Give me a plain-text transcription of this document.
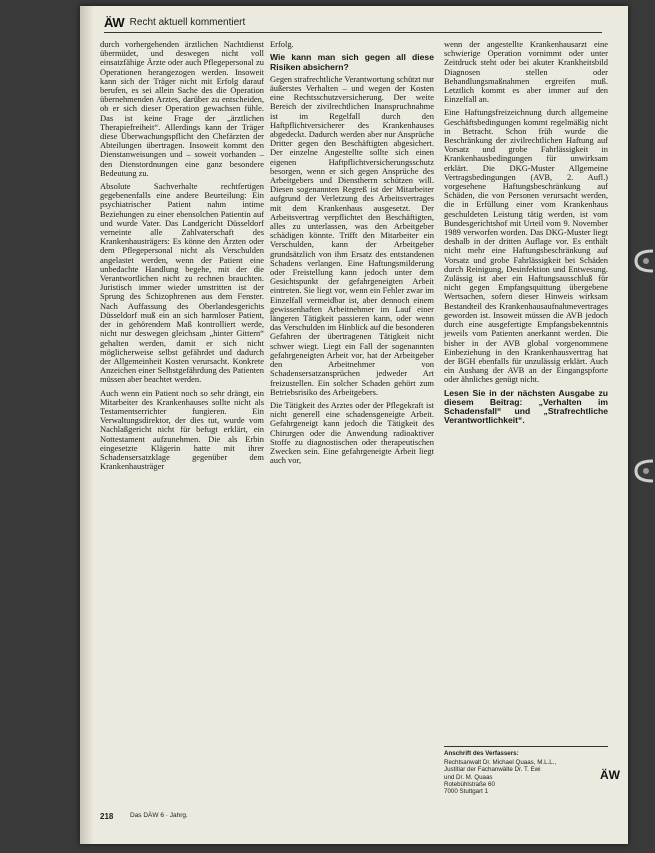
ÄW Recht aktuell kommentiert

durch vorhergehenden ärztlichen Nachtdienst übermüdet, und deswegen nicht voll einsatzfähige Ärzte oder auch Pflegepersonal zu Operationen herangezogen werden. Insoweit kann sich der Träger nicht mit Erfolg darauf berufen, es sei allein Sache des die Operation übernehmenden Arztes, darüber zu entscheiden, ob er sich dieser Operation gewachsen fühle. Das ist keine Frage der „ärztlichen Therapiefreiheit“. Allerdings kann der Träger diese Überwachungspflicht den Chefärzten der Abteilungen übertragen. Insoweit kommt den Dienstanweisungen und – soweit vorhanden – den Dienstordnungen eine ganz besondere Bedeutung zu.

Absolute Sachverhalte rechtfertigen gegebenenfalls eine andere Beurteilung: Ein psychiatrischer Patient nahm intime Beziehungen zu einer ebensolchen Patientin auf und wurde Vater. Das Landgericht Düsseldorf verneinte alle Zahlvaterschaft des Krankenhausträgers: Es könne den Ärzten oder dem Pflegepersonal nicht als Verschulden angelastet werden, wenn der Patient eine unbedachte Handlung begehe, mit der die Verantwortlichen nicht zu rechnen brauchten. Juristisch immer wieder umstritten ist der Sprung des Schizophrenen aus dem Fenster. Nach Auffassung des Oberlandesgerichts Düsseldorf muß ein an sich harmloser Patient, der in gehörendem Maß kontrolliert werde, nicht nur deswegen gleichsam „hinter Gittern“ gehalten werden, damit er sich nicht möglicherweise selbst gefährdet und dadurch der Allgemeinheit Kosten verursacht. Konkrete Anzeichen einer Selbstgefährdung des Patienten müssen aber beachtet werden.

Auch wenn ein Patient noch so sehr drängt, ein Mitarbeiter des Krankenhauses sollte nicht als Testamentserrichter fungieren. Ein Verwaltungsdirektor, der dies tut, wurde vom Nachlaßgericht nicht für befugt erklärt, ein Nottestament aufzunehmen. Die als Erbin eingesetzte Klägerin hatte mit ihrer Schadensersatzklage gegenüber dem Krankenhausträger

Erfolg.

Wie kann man sich gegen all diese Risiken absichern?

Gegen strafrechtliche Verantwortung schützt nur äußerstes Verhalten – und wegen der Kosten eine Rechtsschutzversicherung. Der weite Bereich der zivilrechtlichen Inanspruchnahme ist im Regelfall durch den Haftpflichtversicherer des Krankenhauses abgedeckt. Dadurch werden aber nur Ansprüche Dritter gegen den Beschäftigten abgesichert. Der einzelne Angestellte sollte sich einen eigenen Haftpflichtversicherungsschutz besorgen, wenn er sich gegen Ansprüche des Arbeitgebers und Dienstherrn schützen will. Diesen sogenannten Regreß ist der Mitarbeiter aufgrund der Verletzung des Arbeitsvertrages mit dem Krankenhaus ausgesetzt. Der Arbeitsvertrag verpflichtet den Beschäftigten, alles zu unterlassen, was den Arbeitgeber schädigen könnte. Trifft den Mitarbeiter ein Verschulden, kann der Arbeitgeber grundsätzlich von ihm Ersatz des entstandenen Schadens verlangen. Eine Haftungsmilderung oder Freistellung kann jedoch unter dem Gesichtspunkt der gefahrgeneigten Arbeit eintreten. Sie liegt vor, wenn ein Fehler zwar im Einzelfall vermeidbar ist, aber dennoch einem gewissenhaften Arbeitnehmer im Lauf einer längeren Tätigkeit passieren kann, oder wenn das Verschulden im Hinblick auf die besonderen Gefahren der übertragenen Tätigkeit nicht schwer wiegt. Liegt ein Fall der sogenannten gefahrgeneigten Arbeit vor, hat der Arbeitgeber den Arbeitnehmer von Schadensersatzansprüchen jedweder Art freizustellen. Ein solcher Schaden gehört zum Betriebsrisiko des Arbeitgebers.

Die Tätigkeit des Arztes oder der Pflegekraft ist nicht generell eine schadensgeneigte Arbeit. Gefahrgeneigt kann jedoch die Tätigkeit des Chirurgen oder die Anwendung radioaktiver Stoffe zu diagnostischen oder therapeutischen Zwecken sein. Eine gefahrgeneigte Arbeit liegt auch vor,

wenn der angestellte Krankenhausarzt eine schwierige Operation vornimmt oder unter Zeitdruck steht oder bei akuter Krankheitsbild Diagnosen stellen oder Behandlungsmaßnahmen ergreifen muß. Letztlich kommt es aber immer auf den Einzelfall an.

Eine Haftungsfreizeichnung durch allgemeine Geschäftsbedingungen kommt regelmäßig nicht in Betracht. Schon früh wurde die Beschränkung der zivilrechtlichen Haftung auf Vorsatz und grobe Fahrlässigkeit in Krankenhausbedingungen für unwirksam erklärt. Die DKG-Muster Allgemeine Vertragsbedingungen (AVB, 2. Aufl.) vorgesehene Haftungsbeschränkung auf Schäden, die von Personen verursacht werden, die in Erfüllung einer vom Krankenhaus geschuldeten Leistung tätig werden, ist vom Bundesgerichtshof mit Urteil vom 9. November 1989 verworfen worden. Das DKG-Muster liegt deshalb in der dritten Auflage vor. Es enthält nicht mehr eine Haftungsbeschränkung auf Vorsatz und grobe Fahrlässigkeit bei Schäden durch Reinigung, Desinfektion und Entwesung. Zulässig ist aber ein Haftungsausschluß für nicht gegen Empfangsquittung übergebene Wertsachen, sofern dieser Hinweis wirksam Bestandteil des Krankenhausaufnahmevertrages geworden ist. Insoweit müssen die AVB jedoch durch eine ausgefertigte Empfangsbekenntnis jeweils vom Patienten anerkannt werden. Die bisher in der AVB global vorgenommene Einbeziehung in den Krankenhausvertrag hat der BGH ebenfalls für unzulässig erklärt. Auch ein Aushang der AVB an der Eingangspforte oder ähnliches genügt nicht.

Lesen Sie in der nächsten Ausgabe zu diesem Beitrag: „Verhalten im Schadensfall“ und „Strafrechtliche Verantwortlichkeit“.

Anschrift des Verfassers:
Rechtsanwalt Dr. Michael Quaas, M.L.L.,
Justitiar der Fachanwälte Dr. T. Ewi
und Dr. M. Quaas
Rotebühlstraße 60
7000 Stuttgart 1
218	Das DÄW 6 · Jahrg.
ÄW
